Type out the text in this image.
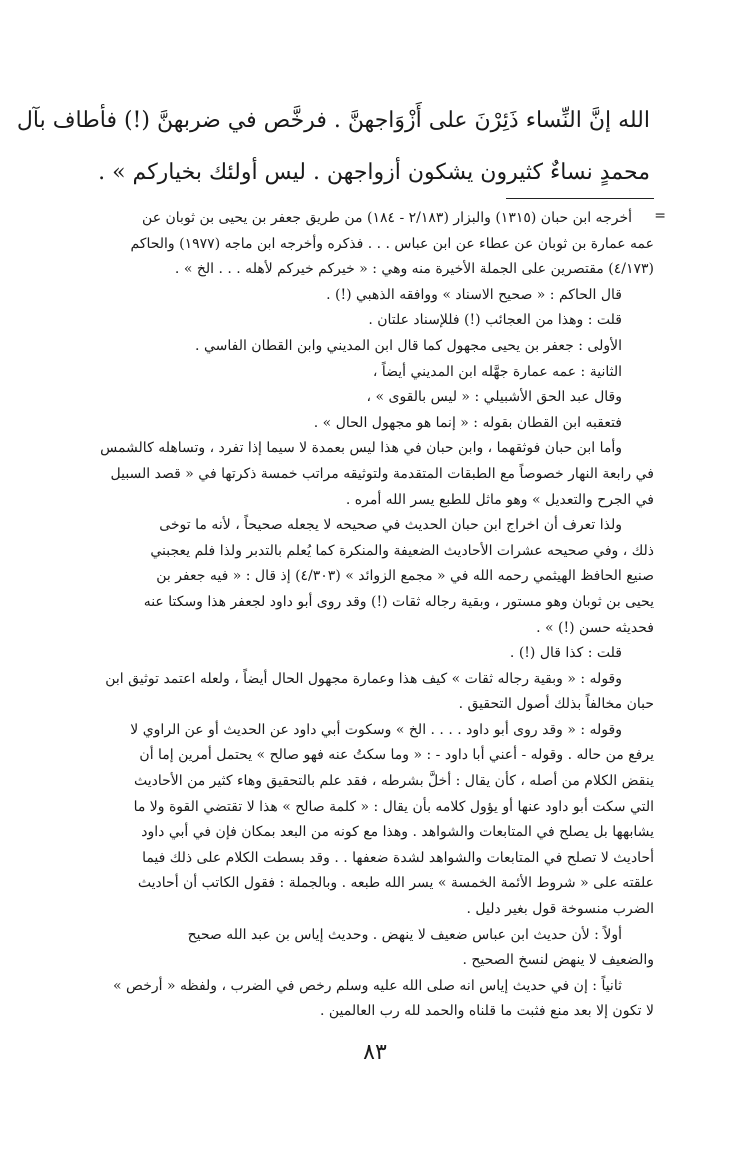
الله إنَّ النِّساء ذَئِرْنَ على أَزْوَاجهنَّ . فرخَّص في ضربهنَّ (!) فأطاف بآل
محمدٍ نساءٌ كثيرون يشكون أزواجهن . ليس أولئك بخياركم » .
=
أخرجه ابن حبان (١٣١٥) والبزار (٢/١٨٣ - ١٨٤) من طريق جعفر بن يحيى بن ثوبان عن
عمه عمارة بن ثوبان عن عطاء عن ابن عباس . . . فذكره وأخرجه ابن ماجه (١٩٧٧) والحاكم
(٤/١٧٣) مقتصرين على الجملة الأخيرة منه وهي : « خيركم خيركم لأهله . . . الخ » .
قال الحاكم : « صحيح الاسناد » ووافقه الذهبي (!) .
قلت : وهذا من العجائب (!) فللإسناد علتان .
الأولى : جعفر بن يحيى مجهول كما قال ابن المديني وابن القطان الفاسي .
الثانية : عمه عمارة جهَّله ابن المديني أيضاً ،
وقال عبد الحق الأشبيلي : « ليس بالقوى » ،
فتعقبه ابن القطان بقوله : « إنما هو مجهول الحال » .
وأما ابن حبان فوثقهما ، وابن حبان في هذا ليس بعمدة لا سيما إذا تفرد ، وتساهله كالشمس
في رابعة النهار خصوصاً مع الطبقات المتقدمة ولتوثيقه مراتب خمسة ذكرتها في « قصد السبيل
في الجرح والتعديل » وهو ماثل للطبع يسر الله أمره .
ولذا تعرف أن اخراج ابن حبان الحديث في صحيحه لا يجعله صحيحاً ، لأنه ما توخى
ذلك ، وفي صحيحه عشرات الأحاديث الضعيفة والمنكرة كما يُعلم بالتدبر ولذا فلم يعجبني
صنيع الحافظ الهيثمي رحمه الله في « مجمع الزوائد » (٤/٣٠٣) إذ قال : « فيه جعفر بن
يحيى بن ثوبان وهو مستور ، وبقية رجاله ثقات (!) وقد روى أبو داود لجعفر هذا وسكتا عنه
فحديثه حسن (!) » .
قلت : كذا قال (!) .
وقوله : « وبقية رجاله ثقات » كيف هذا وعمارة مجهول الحال أيضاً ، ولعله اعتمد توثيق ابن
حبان مخالفاً بذلك أصول التحقيق .
وقوله : « وقد روى أبو داود . . . . الخ » وسكوت أبي داود عن الحديث أو عن الراوي لا
يرفع من حاله . وقوله - أعني أبا داود - : « وما سكتُ عنه فهو صالح » يحتمل أمرين إما أن
ينقض الكلام من أصله ، كأن يقال : أخلَّ بشرطه ، فقد علم بالتحقيق وهاء كثير من الأحاديث
التي سكت أبو داود عنها أو يؤول كلامه بأن يقال : « كلمة صالح » هذا لا تقتضي القوة ولا ما
يشابهها بل يصلح في المتابعات والشواهد . وهذا مع كونه من البعد بمكان فإن في أبي داود
أحاديث لا تصلح في المتابعات والشواهد لشدة ضعفها . . وقد بسطت الكلام على ذلك فيما
علقته على « شروط الأئمة الخمسة » يسر الله طبعه . وبالجملة : فقول الكاتب أن أحاديث
الضرب منسوخة قول بغير دليل .
أولاً : لأن حديث ابن عباس ضعيف لا ينهض . وحديث إياس بن عبد الله صحيح
والضعيف لا ينهض لنسخ الصحيح .
ثانياً : إن في حديث إياس انه صلى الله عليه وسلم رخص في الضرب ، ولفظه « أرخص »
لا تكون إلا بعد منع فثبت ما قلناه والحمد لله رب العالمين .
٨٣
